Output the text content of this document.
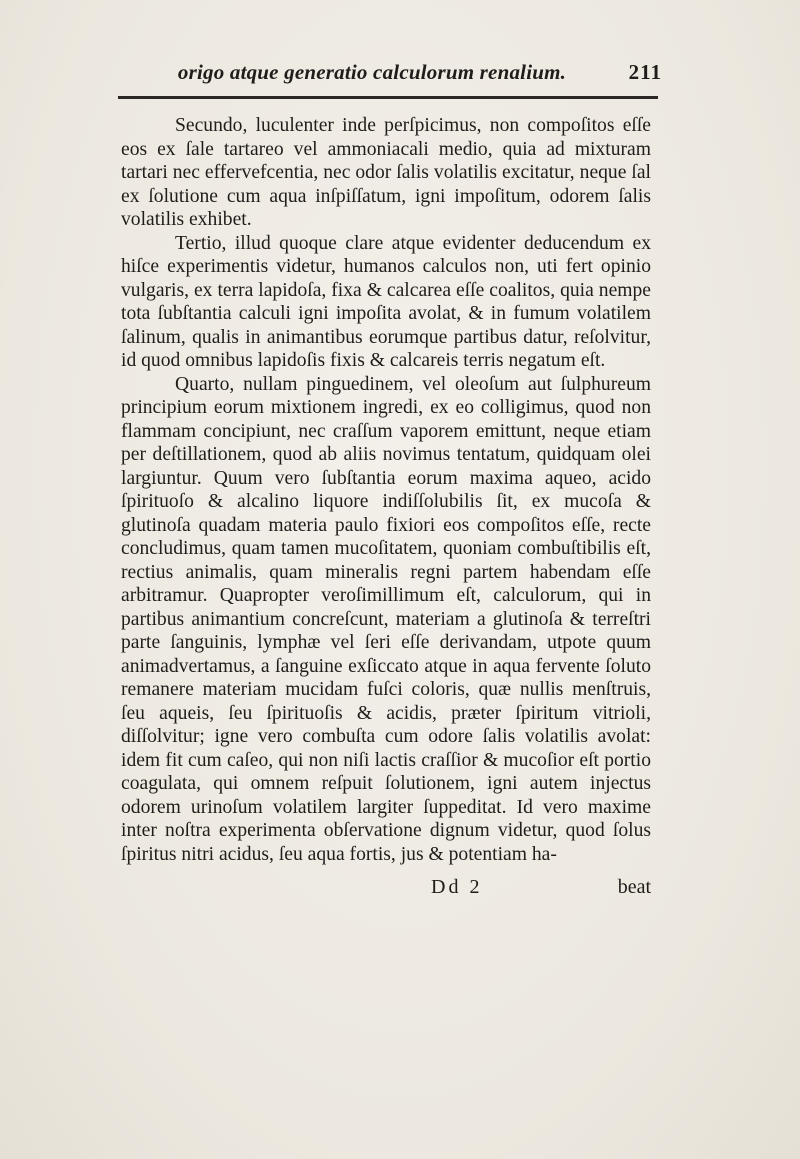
origo atque generatio calculorum renalium.	211

Secundo, luculenter inde perſpicimus, non compoſitos eſſe eos ex ſale tartareo vel ammoniacali medio, quia ad mixturam tartari nec effervefcentia, nec odor ſalis volatilis excitatur, neque ſal ex ſolutione cum aqua inſpiſſatum, igni impoſitum, odorem ſalis volatilis exhibet.

Tertio, illud quoque clare atque evidenter deducendum ex hiſce experimentis videtur, humanos calculos non, uti fert opinio vulgaris, ex terra lapidoſa, fixa & calcarea eſſe coalitos, quia nempe tota ſubſtantia calculi igni impoſita avolat, & in fumum volatilem ſalinum, qualis in animantibus eorumque partibus datur, reſolvitur, id quod omnibus lapidoſis fixis & calcareis terris negatum eſt.

Quarto, nullam pinguedinem, vel oleoſum aut ſulphureum principium eorum mixtionem ingredi, ex eo colligimus, quod non flammam concipiunt, nec craſſum vaporem emittunt, neque etiam per deſtillationem, quod ab aliis novimus tentatum, quidquam olei largiuntur. Quum vero ſubſtantia eorum maxima aqueo, acido ſpirituoſo & alcalino liquore indiſſolubilis ſit, ex mucoſa & glutinoſa quadam materia paulo fixiori eos compoſitos eſſe, recte concludimus, quam tamen mucoſitatem, quoniam combuſtibilis eſt, rectius animalis, quam mineralis regni partem habendam eſſe arbitramur. Quapropter veroſimillimum eſt, calculorum, qui in partibus animantium concreſcunt, materiam a glutinoſa & terreſtri parte ſanguinis, lymphæ vel ſeri eſſe derivandam, utpote quum animadvertamus, a ſanguine exſiccato atque in aqua fervente ſoluto remanere materiam mucidam fuſci coloris, quæ nullis menſtruis, ſeu aqueis, ſeu ſpirituoſis & acidis, præter ſpiritum vitrioli, diſſolvitur; igne vero combuſta cum odore ſalis volatilis avolat: idem fit cum caſeo, qui non niſi lactis craſſior & mucoſior eſt portio coagulata, qui omnem reſpuit ſolutionem, igni autem injectus odorem urinoſum volatilem largiter ſuppeditat. Id vero maxime inter noſtra experimenta obſervatione dignum videtur, quod ſolus ſpiritus nitri acidus, ſeu aqua fortis, jus & potentiam ha-

Dd 2	beat
